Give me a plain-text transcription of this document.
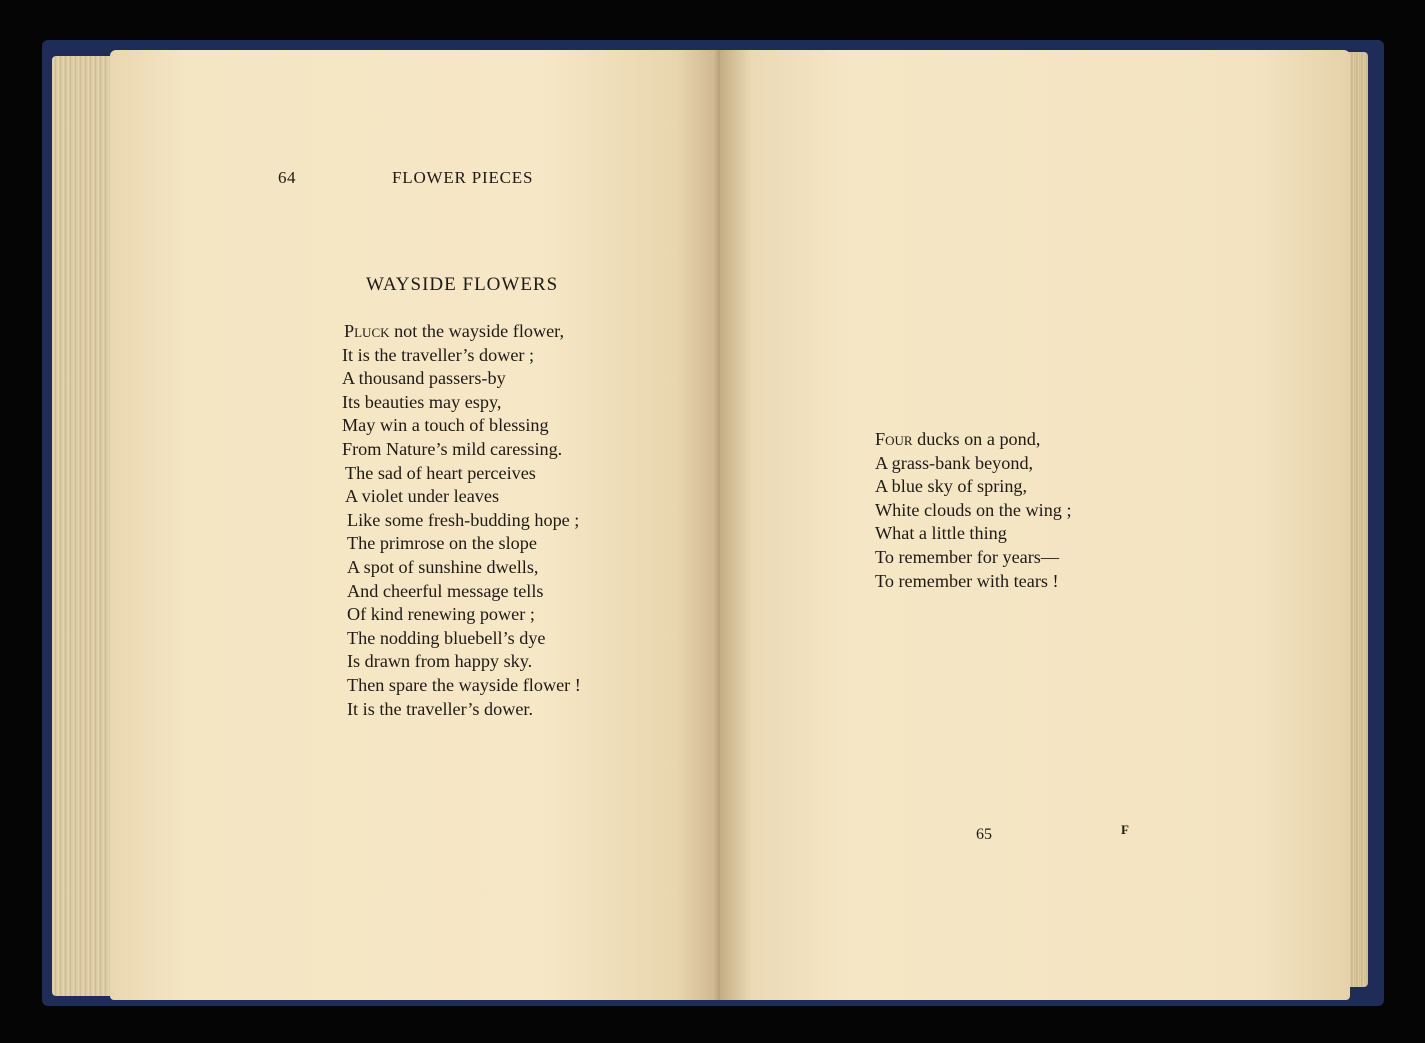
64	FLOWER PIECES
WAYSIDE FLOWERS
Pluck not the wayside flower,
It is the traveller’s dower ;
A thousand passers-by
Its beauties may espy,
May win a touch of blessing
From Nature’s mild caressing.
The sad of heart perceives
A violet under leaves
Like some fresh-budding hope ;
The primrose on the slope
A spot of sunshine dwells,
And cheerful message tells
Of kind renewing power ;
The nodding bluebell’s dye
Is drawn from happy sky.
Then spare the wayside flower !
It is the traveller’s dower.
Four ducks on a pond,
A grass-bank beyond,
A blue sky of spring,
White clouds on the wing ;
What a little thing
To remember for years—
To remember with tears !
65	F
